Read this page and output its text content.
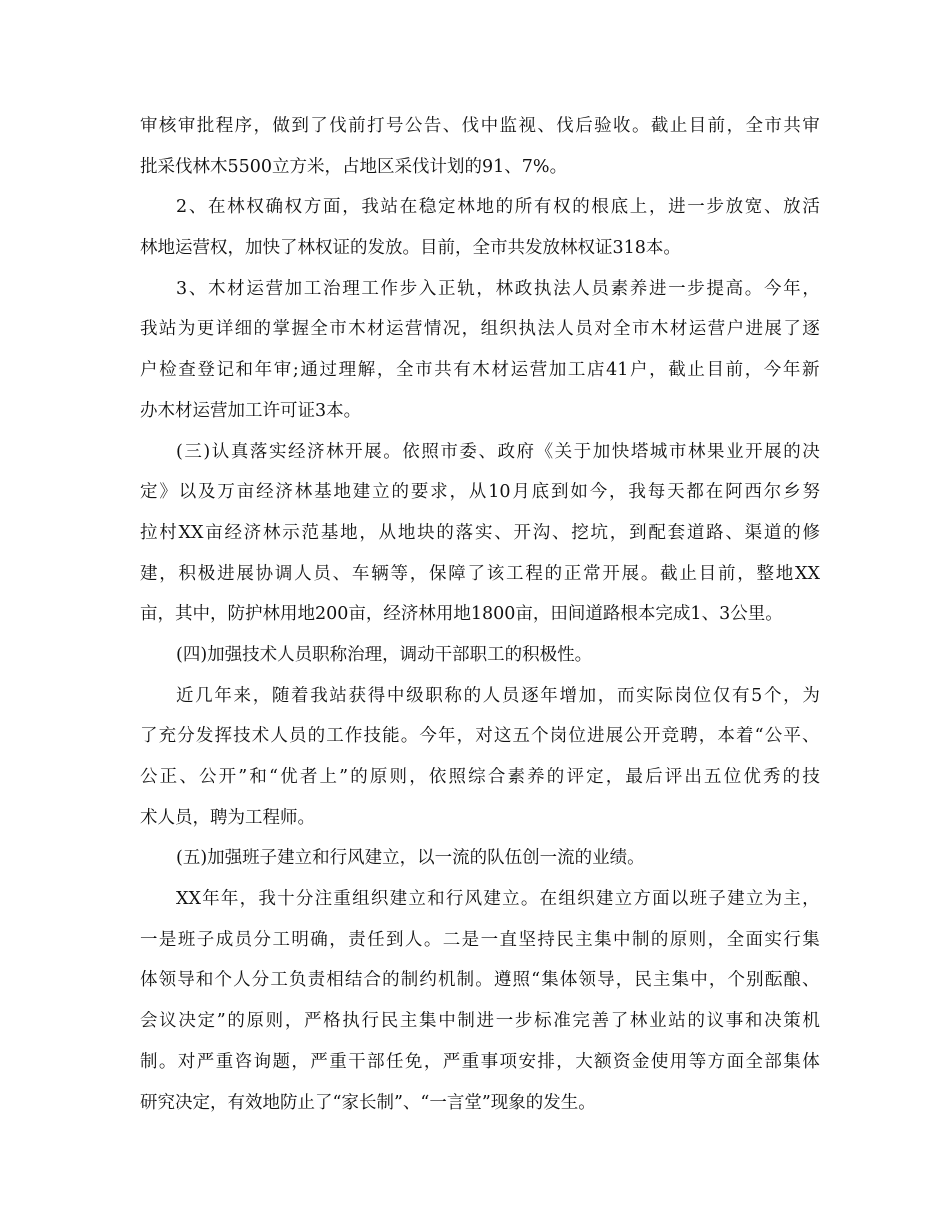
审 核 审 批 程 序 ， 做 到 了 伐 前 打 号 公 告 、 伐 中 监 视 、 伐 后 验 收 。 截 止 目 前 ， 全 市 共 审
批采伐林木5500立方米，占地区采伐计划的91、7%。
2 、 在 林 权 确 权 方 面 ， 我 站 在 稳 定 林 地 的 所 有 权 的 根 底 上 ， 进 一 步 放 宽 、 放 活
林地运营权，加快了林权证的发放。目前，全市共发放林权证318本。
3 、 木 材 运 营 加 工 治 理 工 作 步 入 正 轨 ， 林 政 执 法 人 员 素 养 进 一 步 提 高 。 今 年 ，
我 站 为 更 详 细 的 掌 握 全 市 木 材 运 营 情 况 ， 组 织 执 法 人 员 对 全 市 木 材 运 营 户 进 展 了 逐
户 检 查 登 记 和 年 审 ; 通 过 理 解 ， 全 市 共 有 木 材 运 营 加 工 店 41 户 ， 截 止 目 前 ， 今 年 新
办木材运营加工许可证3本。
( 三 ) 认 真 落 实 经 济 林 开 展 。 依 照 市 委 、 政 府 《 关 于 加 快 塔 城 市 林 果 业 开 展 的 决
定 》 以 及 万 亩 经 济 林 基 地 建 立 的 要 求 ， 从 10 月 底 到 如 今 ， 我 每 天 都 在 阿 西 尔 乡 努
拉 村 XX 亩 经 济 林 示 范 基 地 ， 从 地 块 的 落 实 、 开 沟 、 挖 坑 ， 到 配 套 道 路 、 渠 道 的 修
建 ， 积 极 进 展 协 调 人 员 、 车 辆 等 ， 保 障 了 该 工 程 的 正 常 开 展 。 截 止 目 前 ， 整 地 XX
亩，其中，防护林用地200亩，经济林用地1800亩，田间道路根本完成1、3公里。
(四)加强技术人员职称治理，调动干部职工的积极性。
近 几 年 来 ， 随 着 我 站 获 得 中 级 职 称 的 人 员 逐 年 增 加 ， 而 实 际 岗 位 仅 有 5 个 ， 为
了 充 分 发 挥 技 术 人 员 的 工 作 技 能 。 今 年 ， 对 这 五 个 岗 位 进 展 公 开 竞 聘 ， 本 着 “ 公 平 、
公 正 、 公 开 ” 和 “ 优 者 上 ” 的 原 则 ， 依 照 综 合 素 养 的 评 定 ， 最 后 评 出 五 位 优 秀 的 技
术人员，聘为工程师。
(五)加强班子建立和行风建立，以一流的队伍创一流的业绩。
XX 年 年 ， 我 十 分 注 重 组 织 建 立 和 行 风 建 立 。 在 组 织 建 立 方 面 以 班 子 建 立 为 主 ，
一 是 班 子 成 员 分 工 明 确 ， 责 任 到 人 。 二 是 一 直 坚 持 民 主 集 中 制 的 原 则 ， 全 面 实 行 集
体 领 导 和 个 人 分 工 负 责 相 结 合 的 制 约 机 制 。 遵 照 “ 集 体 领 导 ， 民 主 集 中 ， 个 别 酝 酿 、
会 议 决 定 ” 的 原 则 ， 严 格 执 行 民 主 集 中 制 进 一 步 标 准 完 善 了 林 业 站 的 议 事 和 决 策 机
制 。 对 严 重 咨 询 题 ， 严 重 干 部 任 免 ， 严 重 事 项 安 排 ， 大 额 资 金 使 用 等 方 面 全 部 集 体
研究决定，有效地防止了“家长制”、“一言堂”现象的发生。
